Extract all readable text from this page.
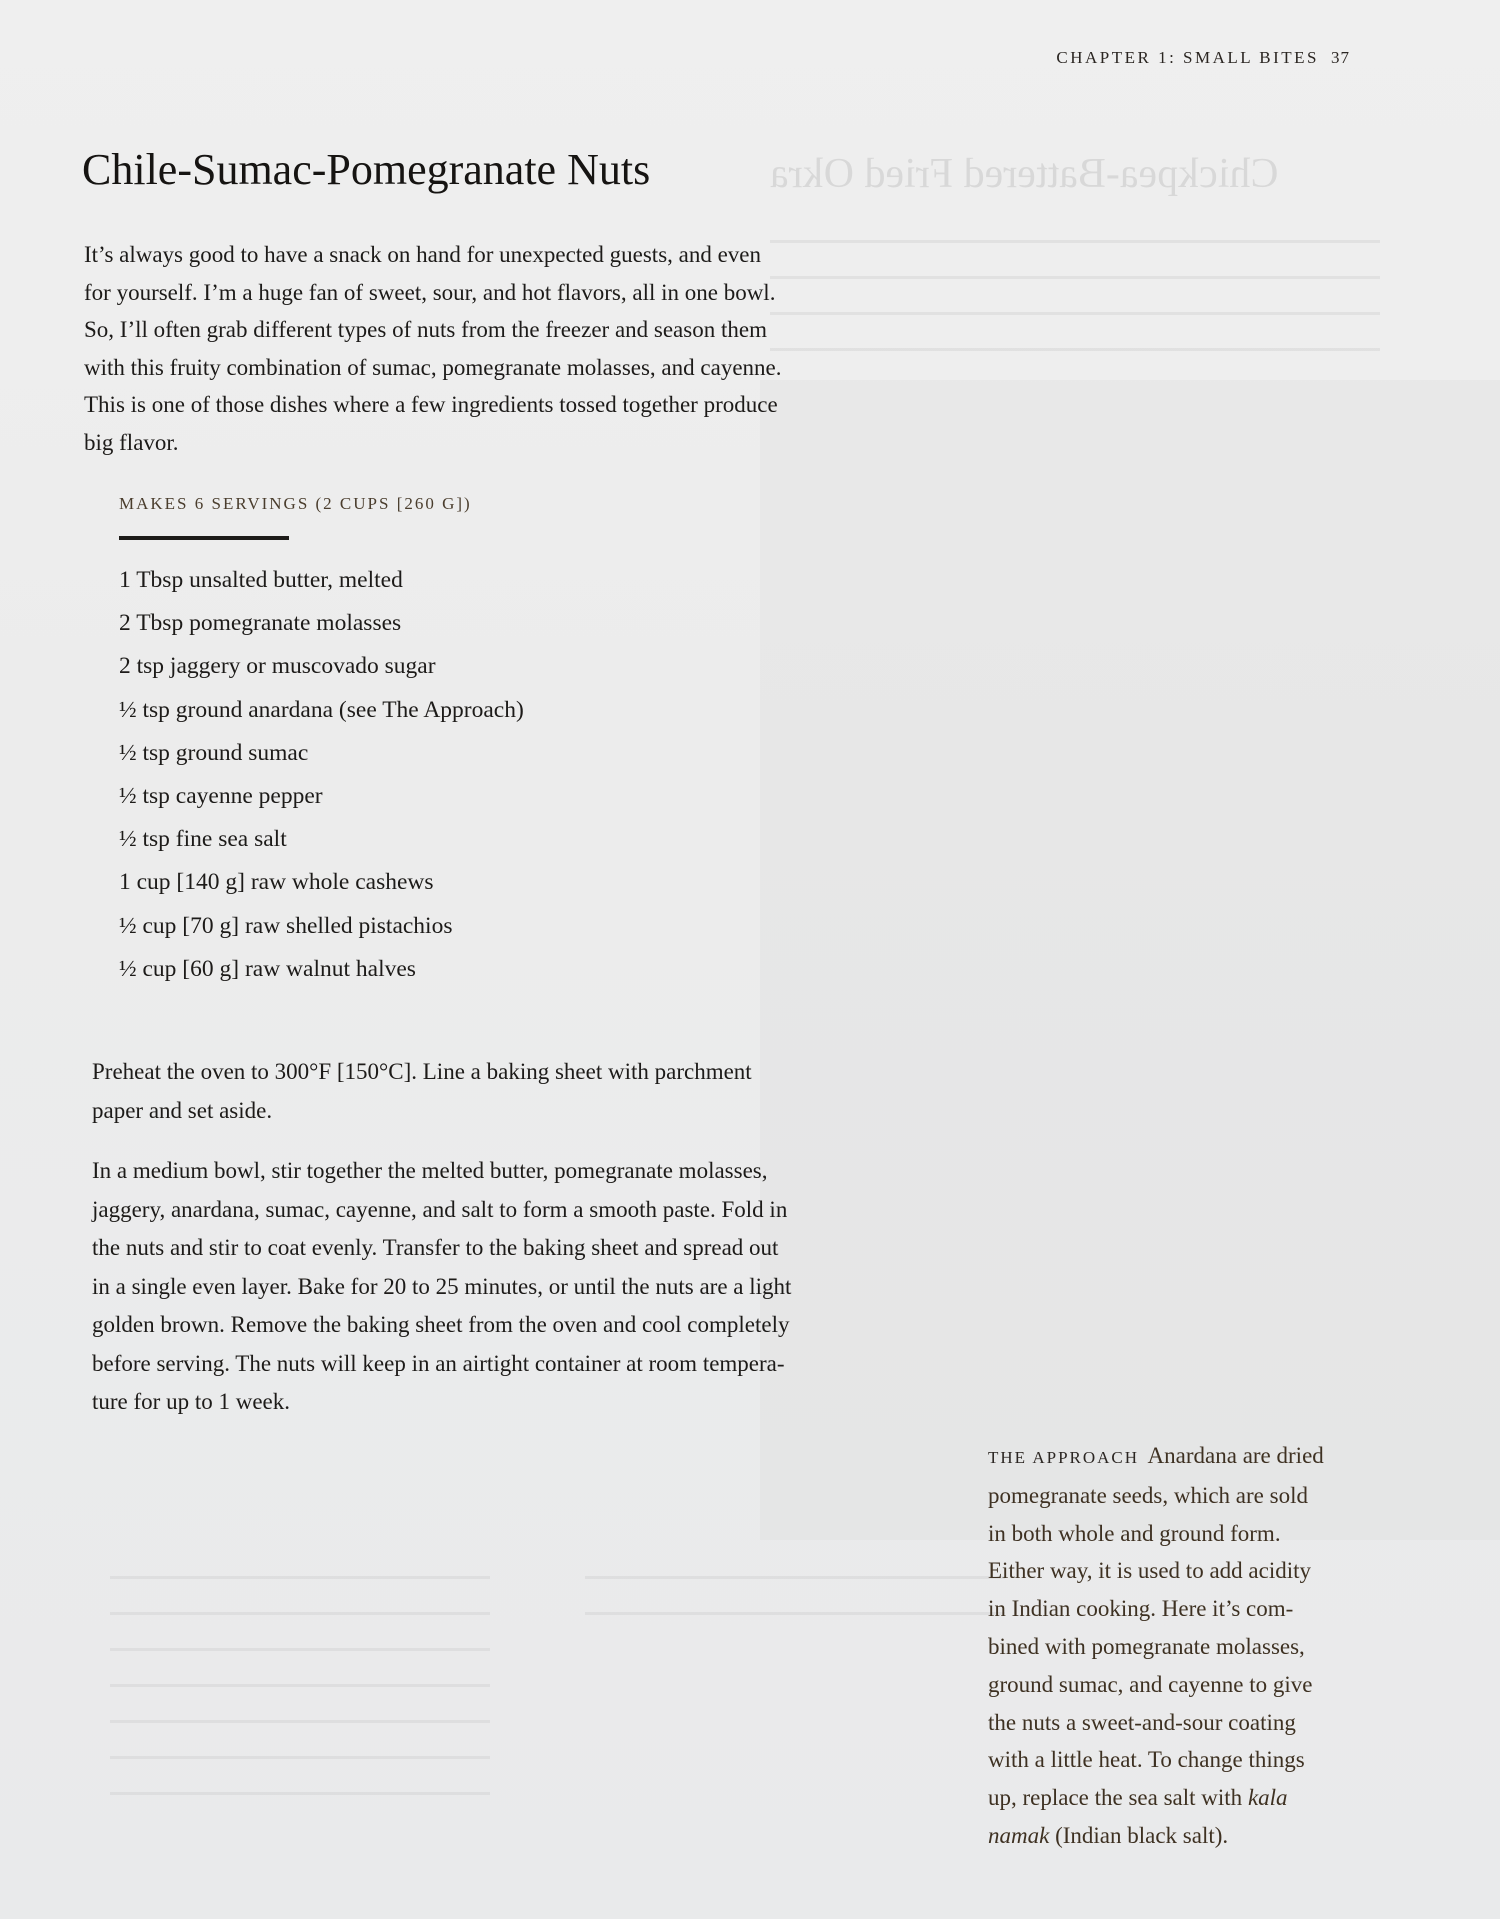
Chickpea-Battered Fried Okra
CHAPTER 1: SMALL BITES 37
Chile-Sumac-Pomegranate Nuts

It’s always good to have a snack on hand for unexpected guests, and even
for yourself. I’m a huge fan of sweet, sour, and hot flavors, all in one bowl.
So, I’ll often grab different types of nuts from the freezer and season them
with this fruity combination of sumac, pomegranate molasses, and cayenne.
This is one of those dishes where a few ingredients tossed together produce
big flavor.

MAKES 6 SERVINGS (2 CUPS [260 G])
1 Tbsp unsalted butter, melted
2 Tbsp pomegranate molasses
2 tsp jaggery or muscovado sugar
½ tsp ground anardana (see The Approach)
½ tsp ground sumac
½ tsp cayenne pepper
½ tsp fine sea salt
1 cup [140 g] raw whole cashews
½ cup [70 g] raw shelled pistachios
½ cup [60 g] raw walnut halves

Preheat the oven to 300°F [150°C]. Line a baking sheet with parchment
paper and set aside.

In a medium bowl, stir together the melted butter, pomegranate molasses,
jaggery, anardana, sumac, cayenne, and salt to form a smooth paste. Fold in
the nuts and stir to coat evenly. Transfer to the baking sheet and spread out
in a single even layer. Bake for 20 to 25 minutes, or until the nuts are a light
golden brown. Remove the baking sheet from the oven and cool completely
before serving. The nuts will keep in an airtight container at room tempera-
ture for up to 1 week.

THE APPROACH Anardana are dried
pomegranate seeds, which are sold
in both whole and ground form.
Either way, it is used to add acidity
in Indian cooking. Here it’s com-
bined with pomegranate molasses,
ground sumac, and cayenne to give
the nuts a sweet-and-sour coating
with a little heat. To change things
up, replace the sea salt with kala
namak (Indian black salt).
